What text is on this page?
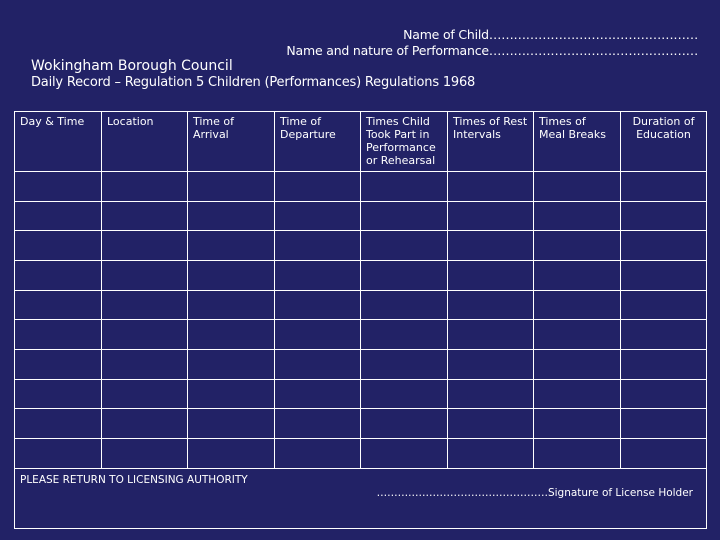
Name of Child……………………………………………
Name and nature of Performance……………………………………………
Wokingham Borough Council
Daily Record – Regulation 5 Children (Performances) Regulations 1968
Day & Time	Location	Time of Arrival	Time of Departure	Times Child Took Part in Performance or Rehearsal	Times of Rest Intervals	Times of Meal Breaks	Duration of Education

PLEASE RETURN TO LICENSING AUTHORITY
……….…………………………………Signature of License Holder							
